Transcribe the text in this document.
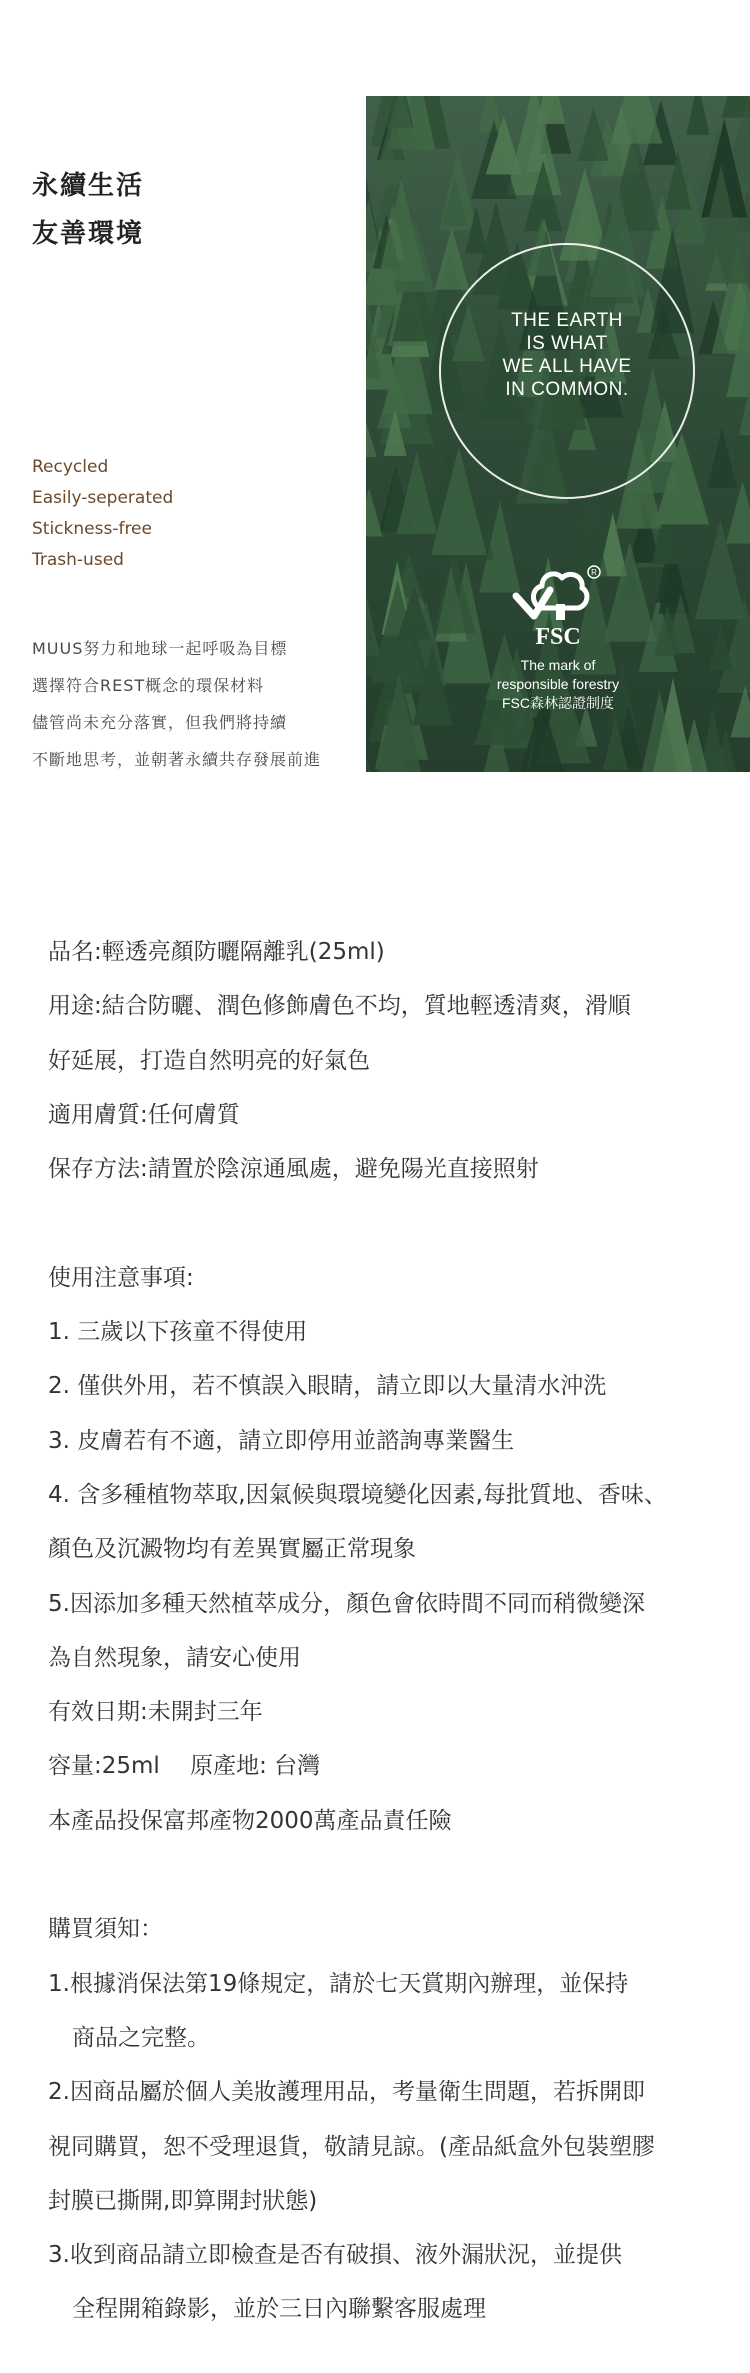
永續生活
友善環境
Recycled
Easily-seperated
Stickness-free
Trash-used
MUUS努力和地球一起呼吸為目標
選擇符合REST概念的環保材料
儘管尚未充分落實，但我們將持續
不斷地思考，並朝著永續共存發展前進
THE EARTH
IS WHAT
WE ALL HAVE
IN COMMON.
R
FSC
The mark of
responsible forestry
FSC森林認證制度
品名:輕透亮顏防曬隔離乳(25ml)
用途:結合防曬、潤色修飾膚色不均，質地輕透清爽，滑順
好延展，打造自然明亮的好氣色
適用膚質:任何膚質
保存方法:請置於陰涼通風處，避免陽光直接照射
使用注意事項:
1. 三歲以下孩童不得使用
2. 僅供外用，若不慎誤入眼睛，請立即以大量清水沖洗
3. 皮膚若有不適，請立即停用並諮詢專業醫生
4. 含多種植物萃取,因氣候與環境變化因素,每批質地、香味、
顏色及沉澱物均有差異實屬正常現象
5.因添加多種天然植萃成分，顏色會依時間不同而稍微變深
為自然現象，請安心使用
有效日期:未開封三年
容量:25ml　 原產地: 台灣
本產品投保富邦產物2000萬產品責任險
購買須知：
1.根據消保法第19條規定，請於七天賞期內辦理，並保持
商品之完整。
2.因商品屬於個人美妝護理用品，考量衛生問題，若拆開即
視同購買，恕不受理退貨，敬請見諒。(產品紙盒外包裝塑膠
封膜已撕開,即算開封狀態)
3.收到商品請立即檢查是否有破損、液外漏狀況，並提供
全程開箱錄影，並於三日內聯繫客服處理
